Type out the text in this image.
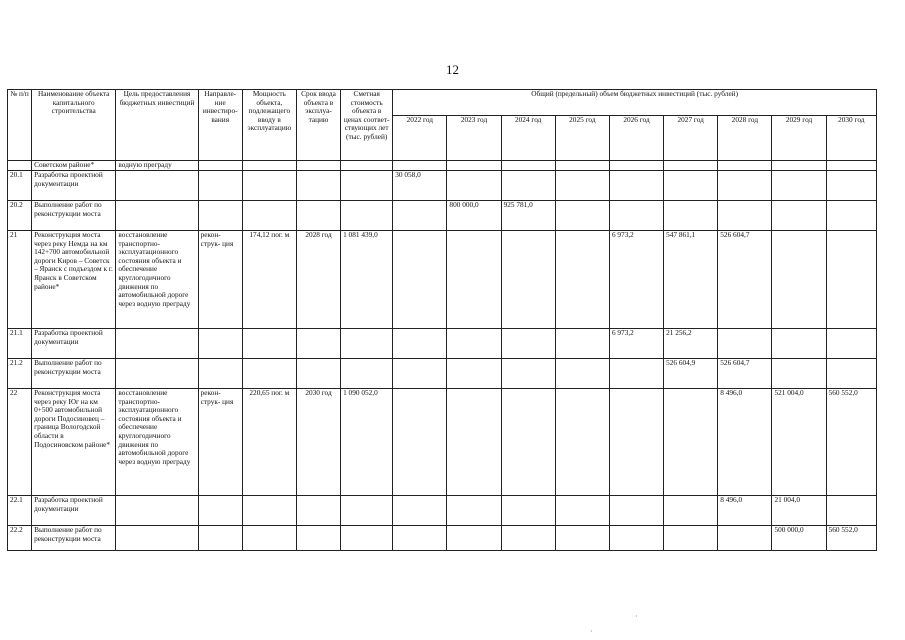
12
№ п/п	Наименование объекта капитального строительства	Цель предоставления бюджетных инвестиций	Направле- ние инвестиро- вания	Мощность объекта, подлежащего вводу в эксплуатацию	Срок ввода объекта в эксплуа- тацию	Сметная стоимость объекта в ценах соответ- ствующих лет (тыс. рублей)	Общий (предельный) объем бюджетных инвестиций (тыс. рублей)								
							2022 год	2023 год	2024 год	2025 год	2026 год	2027 год	2028 год	2029 год	2030 год
	Советском районе*	водную преграду													
20.1	Разработка проектной документации						30 058,0								
20.2	Выполнение работ по реконструкции моста							800 000,0	925 781,0						
21	Реконструкция моста через реку Немда на км 142+700 автомобильной дороги Киров – Советск – Яранск с подъездом к г. Яранск в Советском районе*	восстановление транспортно-эксплуатационного состояния объекта и обеспечение круглогодичного движения по автомобильной дороге через водную преграду	рекон- струк- ция	174,12 пог. м	2028 год	1 081 439,0					6 973,2	547 861,1	526 604,7		
21.1	Разработка проектной документации										6 973,2	21 256,2			
21.2	Выполнение работ по реконструкции моста											526 604,9	526 604,7		
22	Реконструкция моста через реку Юг на км 0+500 автомобильной дороги Подосиновец – граница Вологодской области в Подосиновском районе*	восстановление транспортно-эксплуатационного состояния объекта и обеспечение круглогодичного движения по автомобильной дороге через водную преграду	рекон- струк- ция	220,65 пог. м	2030 год	1 090 052,0							8 496,0	521 004,0	560 552,0
22.1	Разработка проектной документации												8 496,0	21 004,0	
22.2	Выполнение работ по реконструкции моста													500 000,0	560 552,0
·
·
